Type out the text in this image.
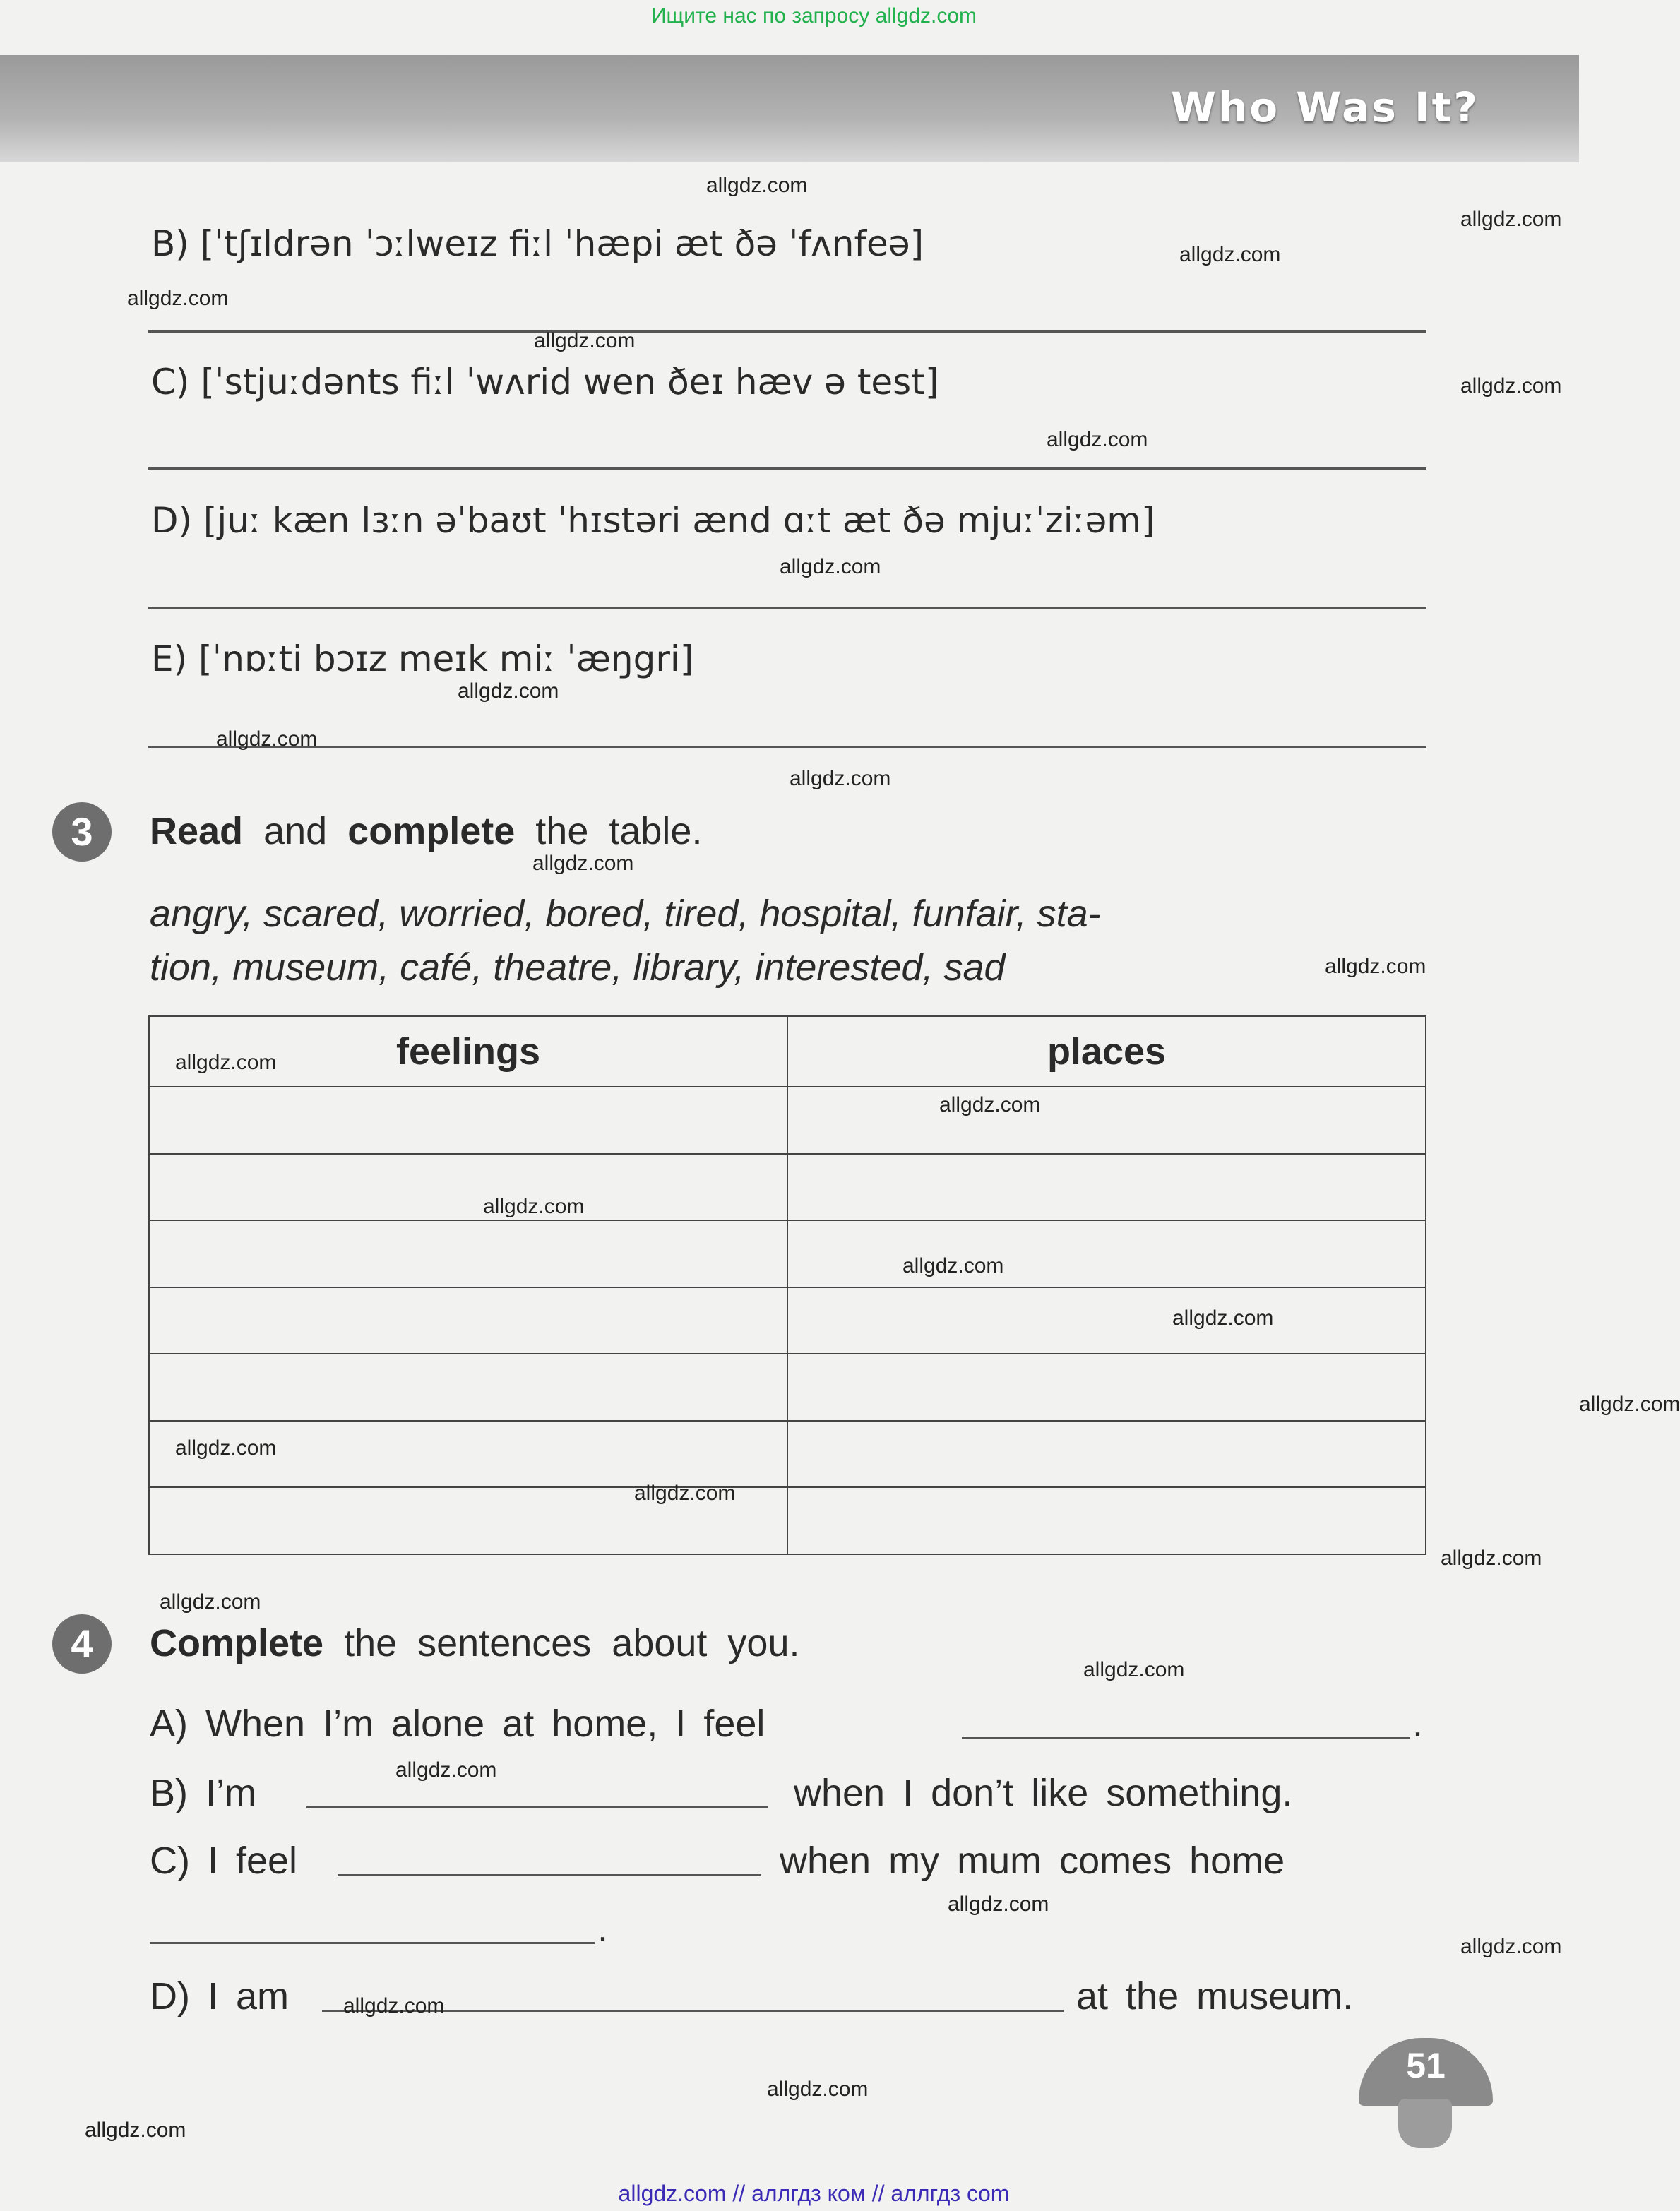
Ищите нас по запросу allgdz.com
Who Was It?
B) [ˈtʃɪldrən ˈɔːlweɪz fiːl ˈhæpi æt ðə ˈfʌnfeə]
C) [ˈstjuːdənts fiːl ˈwʌrid wen ðeɪ hæv ə test]
D) [juː kæn lɜːn əˈbaʊt ˈhɪstəri ænd ɑːt æt ðə mjuːˈziːəm]
E) [ˈnɒːti bɔɪz meɪk miː ˈæŋgri]
3	Read and complete the table.
angry, scared, worried, bored, tired, hospital, funfair, sta-
tion, museum, café, theatre, library, interested, sad
feelings	places

4	Complete the sentences about you.
A) When I’m alone at home, I feel	.
B) I’m	when I don’t like something.
C) I feel	when my mum comes home
.
D) I am	at the museum.
51
allgdz.com
allgdz.com
allgdz.com
allgdz.com
allgdz.com
allgdz.com
allgdz.com
allgdz.com
allgdz.com
allgdz.com
allgdz.com
allgdz.com
allgdz.com
allgdz.com
allgdz.com
allgdz.com
allgdz.com
allgdz.com
allgdz.com
allgdz.com
allgdz.com
allgdz.com
allgdz.com
allgdz.com
allgdz.com
allgdz.com
allgdz.com
allgdz.com
allgdz.com
allgdz.com
allgdz.com // аллгдз ком // аллгдз com
